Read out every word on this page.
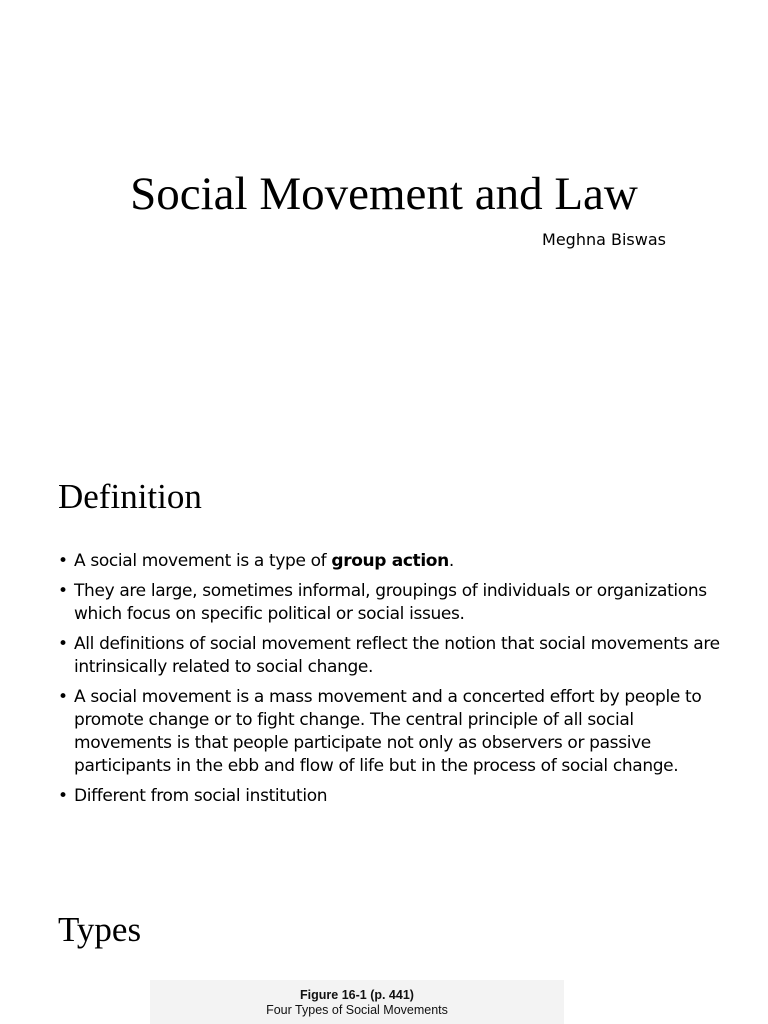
Social Movement and Law
Meghna Biswas
Definition
• A social movement is a type of group action.
• They are large, sometimes informal, groupings of individuals or organizations which focus on specific political or social issues.
• All definitions of social movement reflect the notion that social movements are intrinsically related to social change.
• A social movement is a mass movement and a concerted effort by people to promote change or to fight change. The central principle of all social movements is that people participate not only as observers or passive participants in the ebb and flow of life but in the process of social change.
• Different from social institution
Types
Figure 16-1 (p. 441)
Four Types of Social Movements
